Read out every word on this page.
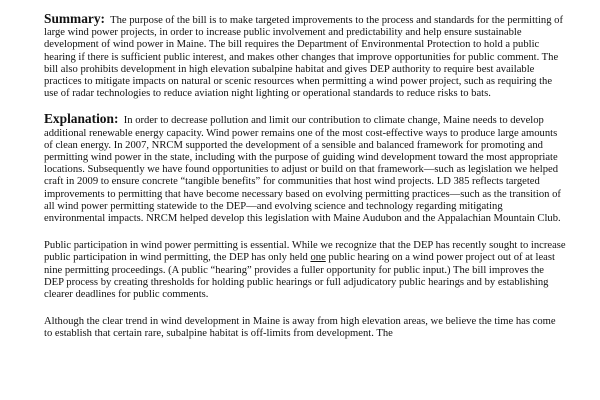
Summary: The purpose of the bill is to make targeted improvements to the process and standards for the permitting of large wind power projects, in order to increase public involvement and predictability and help ensure sustainable development of wind power in Maine. The bill requires the Department of Environmental Protection to hold a public hearing if there is sufficient public interest, and makes other changes that improve opportunities for public comment. The bill also prohibits development in high elevation subalpine habitat and gives DEP authority to require best available practices to mitigate impacts on natural or scenic resources when permitting a wind power project, such as requiring the use of radar technologies to reduce aviation night lighting or operational standards to reduce risks to bats.

Explanation: In order to decrease pollution and limit our contribution to climate change, Maine needs to develop additional renewable energy capacity. Wind power remains one of the most cost-effective ways to produce large amounts of clean energy. In 2007, NRCM supported the development of a sensible and balanced framework for promoting and permitting wind power in the state, including with the purpose of guiding wind development toward the most appropriate locations. Subsequently we have found opportunities to adjust or build on that framework—such as legislation we helped craft in 2009 to ensure concrete “tangible benefits” for communities that host wind projects. LD 385 reflects targeted improvements to permitting that have become necessary based on evolving permitting practices—such as the transition of all wind power permitting statewide to the DEP—and evolving science and technology regarding mitigating environmental impacts. NRCM helped develop this legislation with Maine Audubon and the Appalachian Mountain Club.

Public participation in wind power permitting is essential. While we recognize that the DEP has recently sought to increase public participation in wind permitting, the DEP has only held one public hearing on a wind power project out of at least nine permitting proceedings. (A public “hearing” provides a fuller opportunity for public input.) The bill improves the DEP process by creating thresholds for holding public hearings or full adjudicatory public hearings and by establishing clearer deadlines for public comments.

Although the clear trend in wind development in Maine is away from high elevation areas, we believe the time has come to establish that certain rare, subalpine habitat is off-limits from development. The
